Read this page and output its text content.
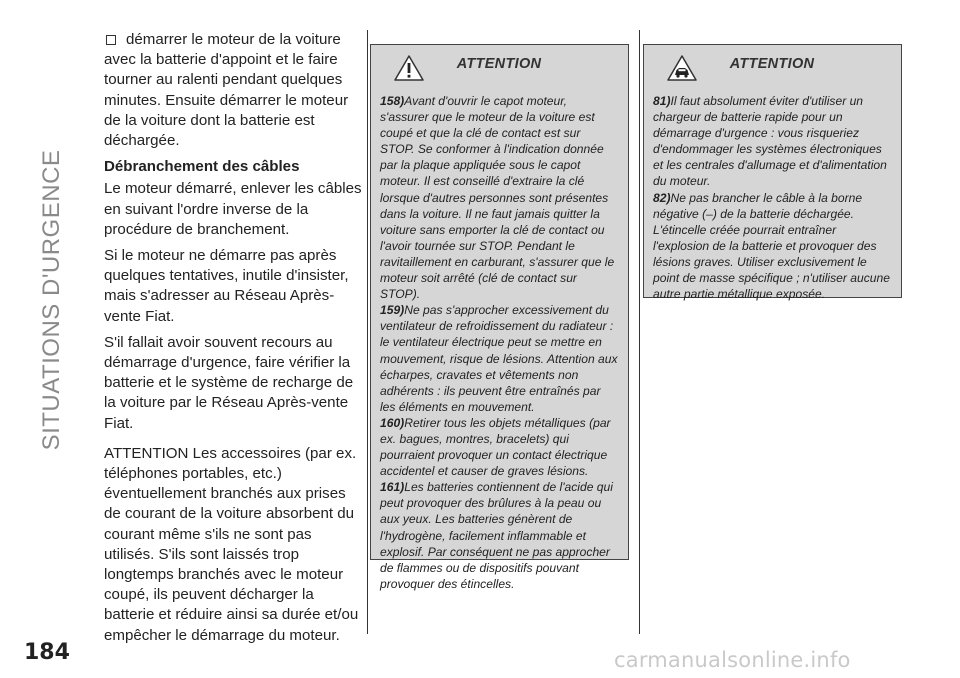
SITUATIONS D'URGENCE

démarrer le moteur de la voiture avec la batterie d'appoint et le faire tourner au ralenti pendant quelques minutes. Ensuite démarrer le moteur de la voiture dont la batterie est déchargée.

Débranchement des câbles

Le moteur démarré, enlever les câbles en suivant l'ordre inverse de la procédure de branchement.

Si le moteur ne démarre pas après quelques tentatives, inutile d'insister, mais s'adresser au Réseau Après-vente Fiat.

S'il fallait avoir souvent recours au démarrage d'urgence, faire vérifier la batterie et le système de recharge de la voiture par le Réseau Après-vente Fiat.

ATTENTION Les accessoires (par ex. téléphones portables, etc.) éventuellement branchés aux prises de courant de la voiture absorbent du courant même s'ils ne sont pas utilisés. S'ils sont laissés trop longtemps branchés avec le moteur coupé, ils peuvent décharger la batterie et réduire ainsi sa durée et/ou empêcher le démarrage du moteur.

ATTENTION

158)Avant d'ouvrir le capot moteur, s'assurer que le moteur de la voiture est coupé et que la clé de contact est sur STOP. Se conformer à l'indication donnée par la plaque appliquée sous le capot moteur. Il est conseillé d'extraire la clé lorsque d'autres personnes sont présentes dans la voiture. Il ne faut jamais quitter la voiture sans emporter la clé de contact ou l'avoir tournée sur STOP. Pendant le ravitaillement en carburant, s'assurer que le moteur soit arrêté (clé de contact sur STOP).

159)Ne pas s'approcher excessivement du ventilateur de refroidissement du radiateur : le ventilateur électrique peut se mettre en mouvement, risque de lésions. Attention aux écharpes, cravates et vêtements non adhérents : ils peuvent être entraînés par les éléments en mouvement.

160)Retirer tous les objets métalliques (par ex. bagues, montres, bracelets) qui pourraient provoquer un contact électrique accidentel et causer de graves lésions.

161)Les batteries contiennent de l'acide qui peut provoquer des brûlures à la peau ou aux yeux. Les batteries génèrent de l'hydrogène, facilement inflammable et explosif. Par conséquent ne pas approcher de flammes ou de dispositifs pouvant provoquer des étincelles.

ATTENTION

81)Il faut absolument éviter d'utiliser un chargeur de batterie rapide pour un démarrage d'urgence : vous risqueriez d'endommager les systèmes électroniques et les centrales d'allumage et d'alimentation du moteur.

82)Ne pas brancher le câble à la borne négative (–) de la batterie déchargée. L'étincelle créée pourrait entraîner l'explosion de la batterie et provoquer des lésions graves. Utiliser exclusivement le point de masse spécifique ; n'utiliser aucune autre partie métallique exposée.

184	carmanualsonline.info
